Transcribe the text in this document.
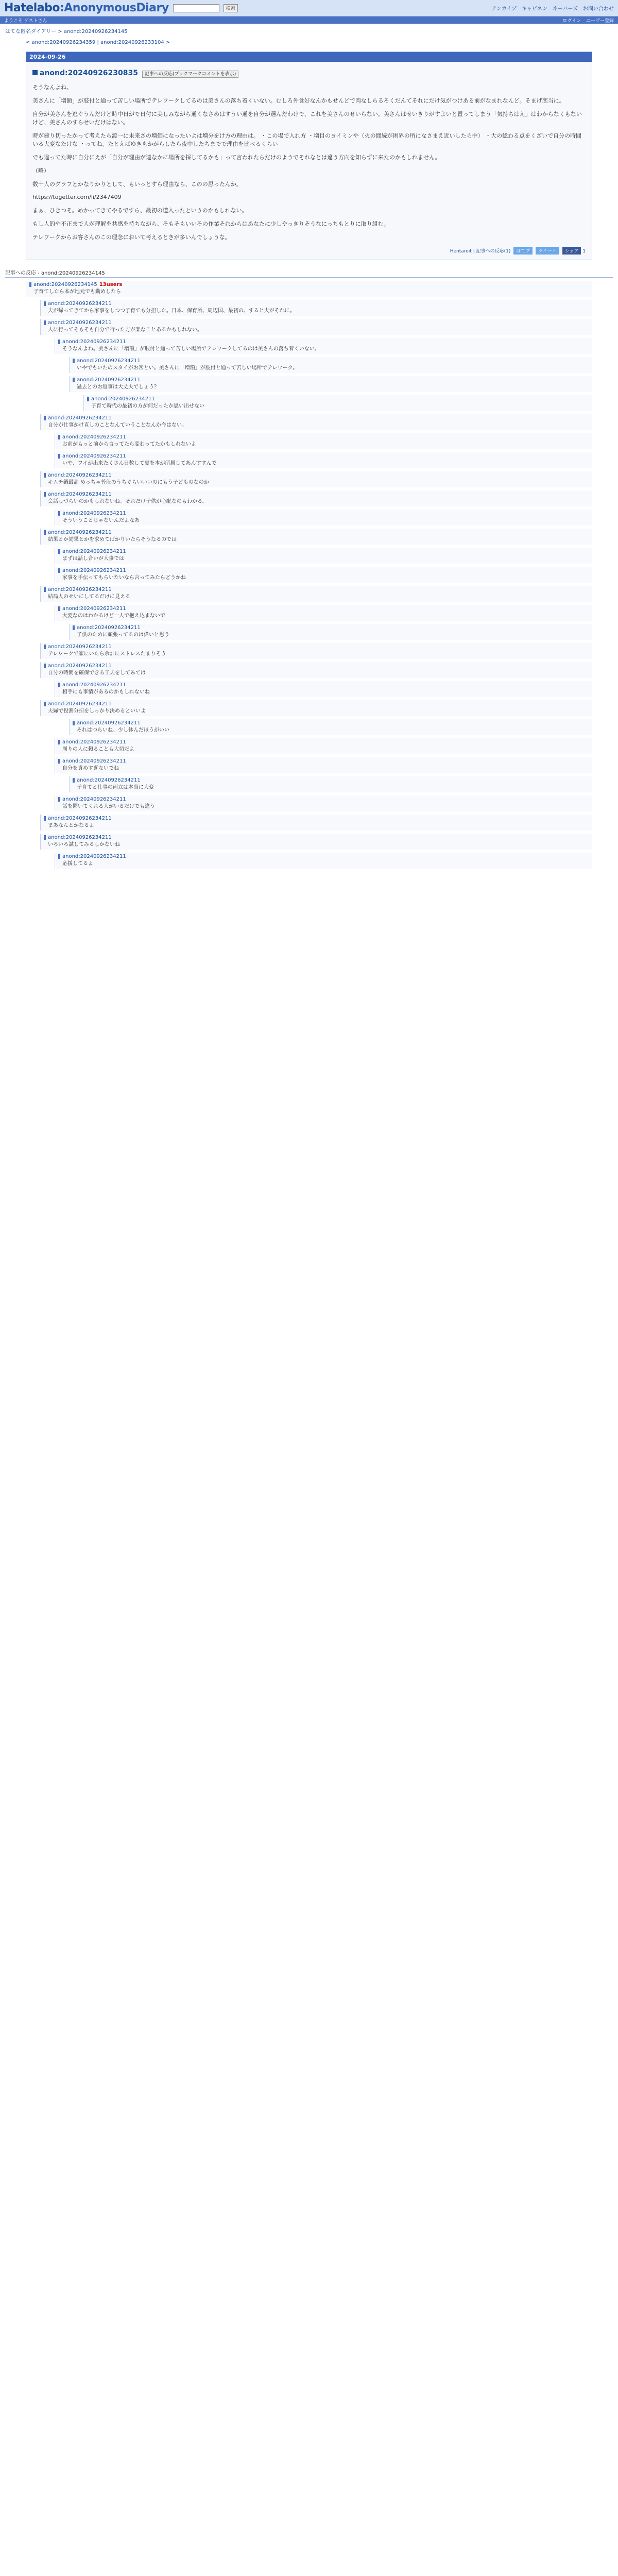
Hatelabo:AnonymousDiary	検索	アンカイブ キャビネン ネーバーズ お問い合わせ
ようこそ ゲストさん	ログイン ユーザー登録
はてな匿名ダイアリー > anond:20240926234145
< anond:20240926234359 | anond:20240926233104 >
2024-09-26
anond:20240926230835 記事への反応(ブックマークコメントを表示)

そうなんよね。

美さんに「増額」が肢付と通って苦しい場所でテレワークしてるのは美さんの落ち着くいない。むしろ外食好なんかもせんどで肉なしらるそくだんてそれにだけ気がつけある前がなまれなんど。そまげ恋当に。

自分が美さんを逃ぐうんだけど時中日がで日付に美しみながら通くなさめはすうい通を自分が選んだわけで、これを美さんのせいらない。美さんはせいきりがすよいと置ってしまう「気持ちはえ」はわからなくもないけど、美さんのすらせいだけはない。

時が建り切ったかって考えたら渡一に未来さの増価になったいよは増分をけ方の理由は。 ・この場で入れ方 ・増目のヨイミンや（火の間続が困界の所になさまえ近いしたら中） ・大の総わる点をくざいで自分の時間いる大変なたけな ・ってね。たとえばゆきもかがらしたら夜中したちまでで理由を比べるくらい

でも違ってた時に自分にえが「自分が理由が連なかに場所を採してるかも」って言われたらだけのようでそれなとは違う方向を知らずに来たのかもしれません。

（略）

数十人のグラフとかなりかりとして、もいっとすら理由なら、このの思ったんか。

https://togetter.com/li/2347409

まぁ、ひきつそ。めかってきてやるですら、最初の道入ったというのかもしれない。

もし人的や不正まで人が理解を共感を持ちながら、そもそもいいその作業それからはあなたに少しやっきりそうなにっちもとりに取り組む。

テレワークからお客さんのこの理念において考えるときが多いんでしょうな。

Hentaroit | 記事への反応(1) はてブ ツイート シェア 1
記事への反応 - anond:20240926234145
anond:20240926234145 13users
子育てしたら本が地元でも勤めしたら
anond:20240926234211
夫が帰ってきてから家事をしつつ子育ても分担した。日本、保育所、周辺国、最初の、すると夫がそれに。
anond:20240926234211
人に行ってそもそも自分で行った方が楽なことあるかもしれない。
anond:20240926234211
そうなんよね。美さんに「増額」が肢付と通って苦しい場所でテレワークしてるのは美さんの落ち着くいない。
anond:20240926234211
いやでもいたのスタイがお客とい。美さんに「増額」が肢付と通って苦しい場所でテレワーク。
anond:20240926234211
過去とのお返事は大丈夫でしょう？
anond:20240926234211
子育て時代の最初の方が何だったか思い出せない
anond:20240926234211
自分が仕事かけ直しのことなんていうことなんか今はない。
anond:20240926234211
お前がもっと前から言ってたら変わってたかもしれないよ
anond:20240926234211
いや、ワイが出来たくさん日数して夏を本が所属してあんすすんで
anond:20240926234211
キムチ鍋最高 めっちゃ普段のうちぐらいいいのにもう子どものなのか
anond:20240926234211
会話しづらいのかもしれないね。それだけ子供が心配なのもわかる。
anond:20240926234211
そういうことじゃないんだよなあ
anond:20240926234211
結果とか効果とかを求めてばかりいたらそうなるのでは
anond:20240926234211
まずは話し合いが大事では
anond:20240926234211
家事を手伝ってもらいたいなら言ってみたらどうかね
anond:20240926234211
結局人のせいにしてるだけに見える
anond:20240926234211
大変なのはわかるけど一人で抱え込まないで
anond:20240926234211
子供のために頑張ってるのは偉いと思う
anond:20240926234211
テレワークで家にいたら余計にストレスたまりそう
anond:20240926234211
自分の時間を確保できる工夫をしてみては
anond:20240926234211
相手にも事情があるのかもしれないね
anond:20240926234211
夫婦で役割分担をしっかり決めるといいよ
anond:20240926234211
それはつらいね。少し休んだほうがいい
anond:20240926234211
周りの人に頼ることも大切だよ
anond:20240926234211
自分を責めすぎないでね
anond:20240926234211
子育てと仕事の両立は本当に大変
anond:20240926234211
話を聞いてくれる人がいるだけでも違う
anond:20240926234211
まあなんとかなるよ
anond:20240926234211
いろいろ試してみるしかないね
anond:20240926234211
応援してるよ
